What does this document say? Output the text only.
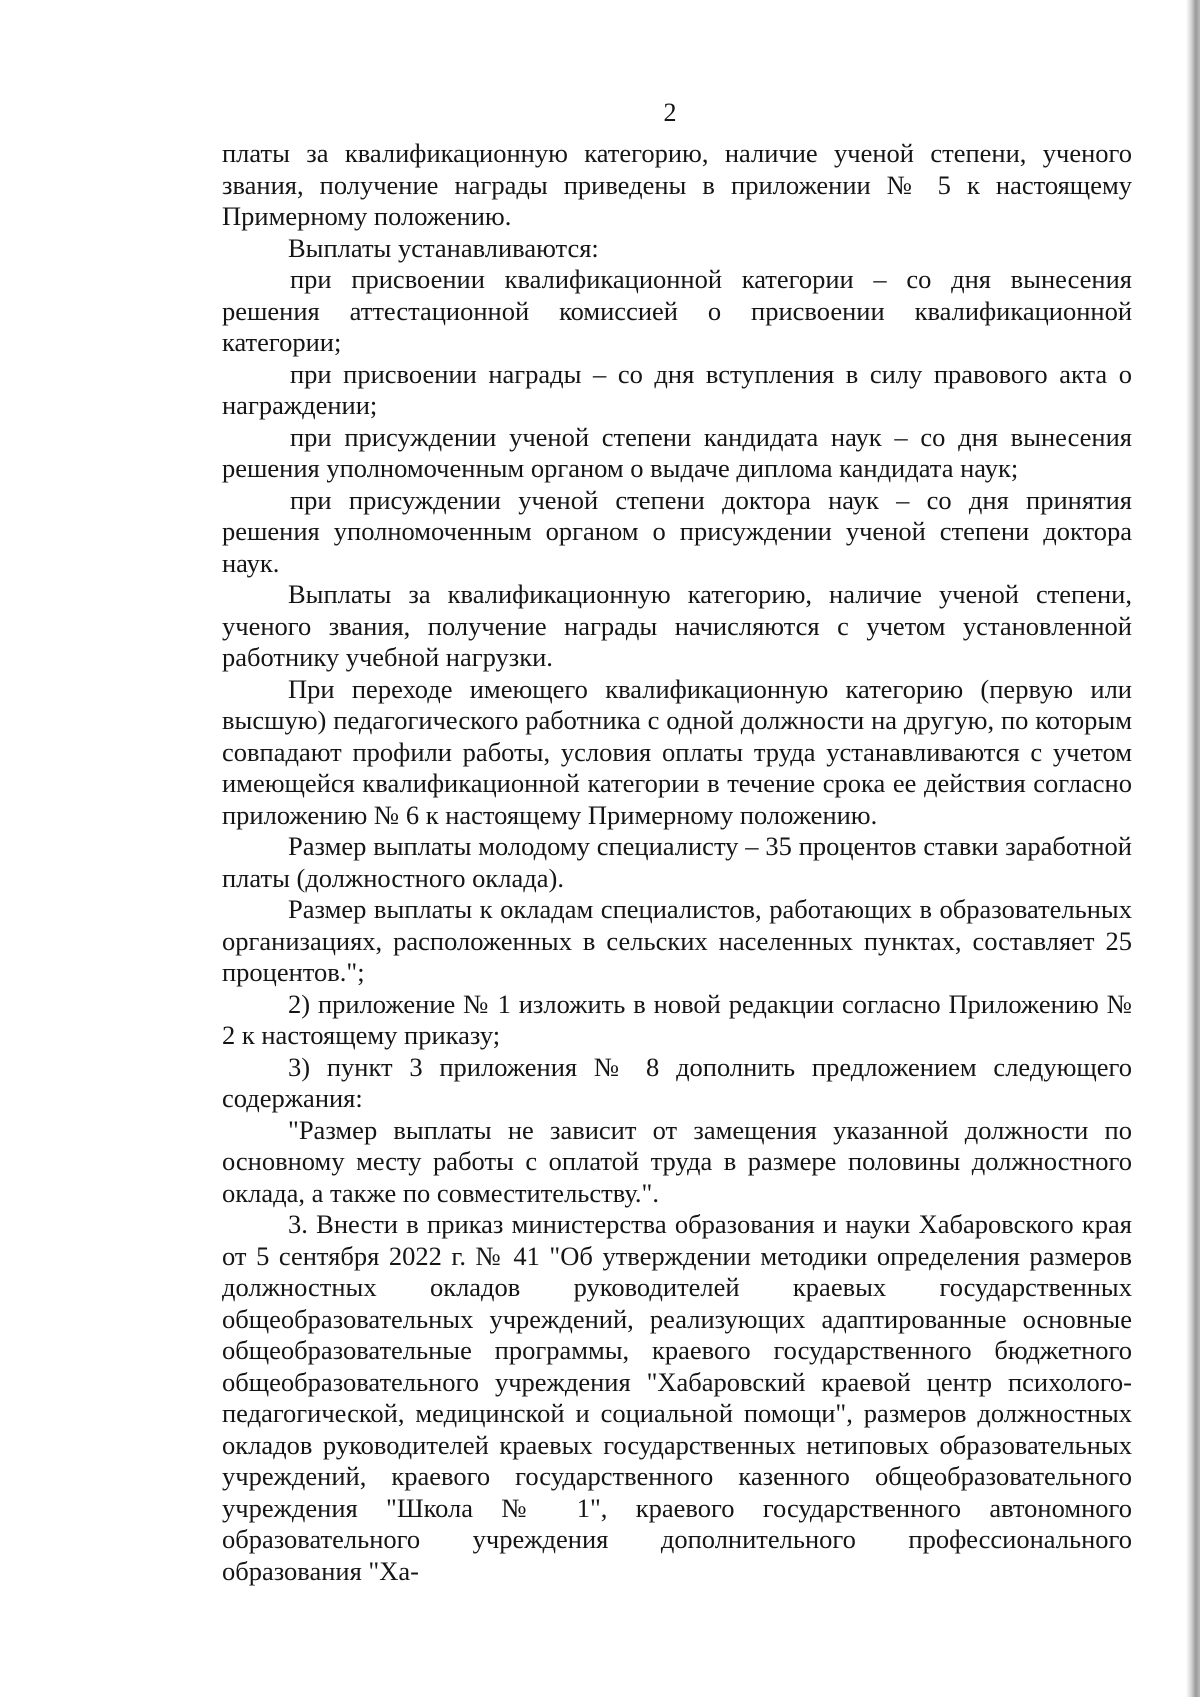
2

платы за квалификационную категорию, наличие ученой степени, ученого звания, получение награды приведены в приложении № 5 к настоящему Примерному положению.

Выплаты устанавливаются:

при присвоении квалификационной категории – со дня вынесения решения аттестационной комиссией о присвоении квалификационной категории;

при присвоении награды – со дня вступления в силу правового акта о награждении;

при присуждении ученой степени кандидата наук – со дня вынесения решения уполномоченным органом о выдаче диплома кандидата наук;

при присуждении ученой степени доктора наук – со дня принятия решения уполномоченным органом о присуждении ученой степени доктора наук.

Выплаты за квалификационную категорию, наличие ученой степени, ученого звания, получение награды начисляются с учетом установленной работнику учебной нагрузки.

При переходе имеющего квалификационную категорию (первую или высшую) педагогического работника с одной должности на другую, по которым совпадают профили работы, условия оплаты труда устанавливаются с учетом имеющейся квалификационной категории в течение срока ее действия согласно приложению № 6 к настоящему Примерному положению.

Размер выплаты молодому специалисту – 35 процентов ставки заработной платы (должностного оклада).

Размер выплаты к окладам специалистов, работающих в образовательных организациях, расположенных в сельских населенных пунктах, составляет 25 процентов.";

2) приложение № 1 изложить в новой редакции согласно Приложению № 2 к настоящему приказу;

3) пункт 3 приложения № 8 дополнить предложением следующего содержания:

"Размер выплаты не зависит от замещения указанной должности по основному месту работы с оплатой труда в размере половины должностного оклада, а также по совместительству.".

3. Внести в приказ министерства образования и науки Хабаровского края от 5 сентября 2022 г. № 41 "Об утверждении методики определения размеров должностных окладов руководителей краевых государственных общеобразовательных учреждений, реализующих адаптированные основные общеобразовательные программы, краевого государственного бюджетного общеобразовательного учреждения "Хабаровский краевой центр психолого-педагогической, медицинской и социальной помощи", размеров должностных окладов руководителей краевых государственных нетиповых образовательных учреждений, краевого государственного казенного общеобразовательного учреждения "Школа № 1", краевого государственного автономного образовательного учреждения дополнительного профессионального образования "Ха-
